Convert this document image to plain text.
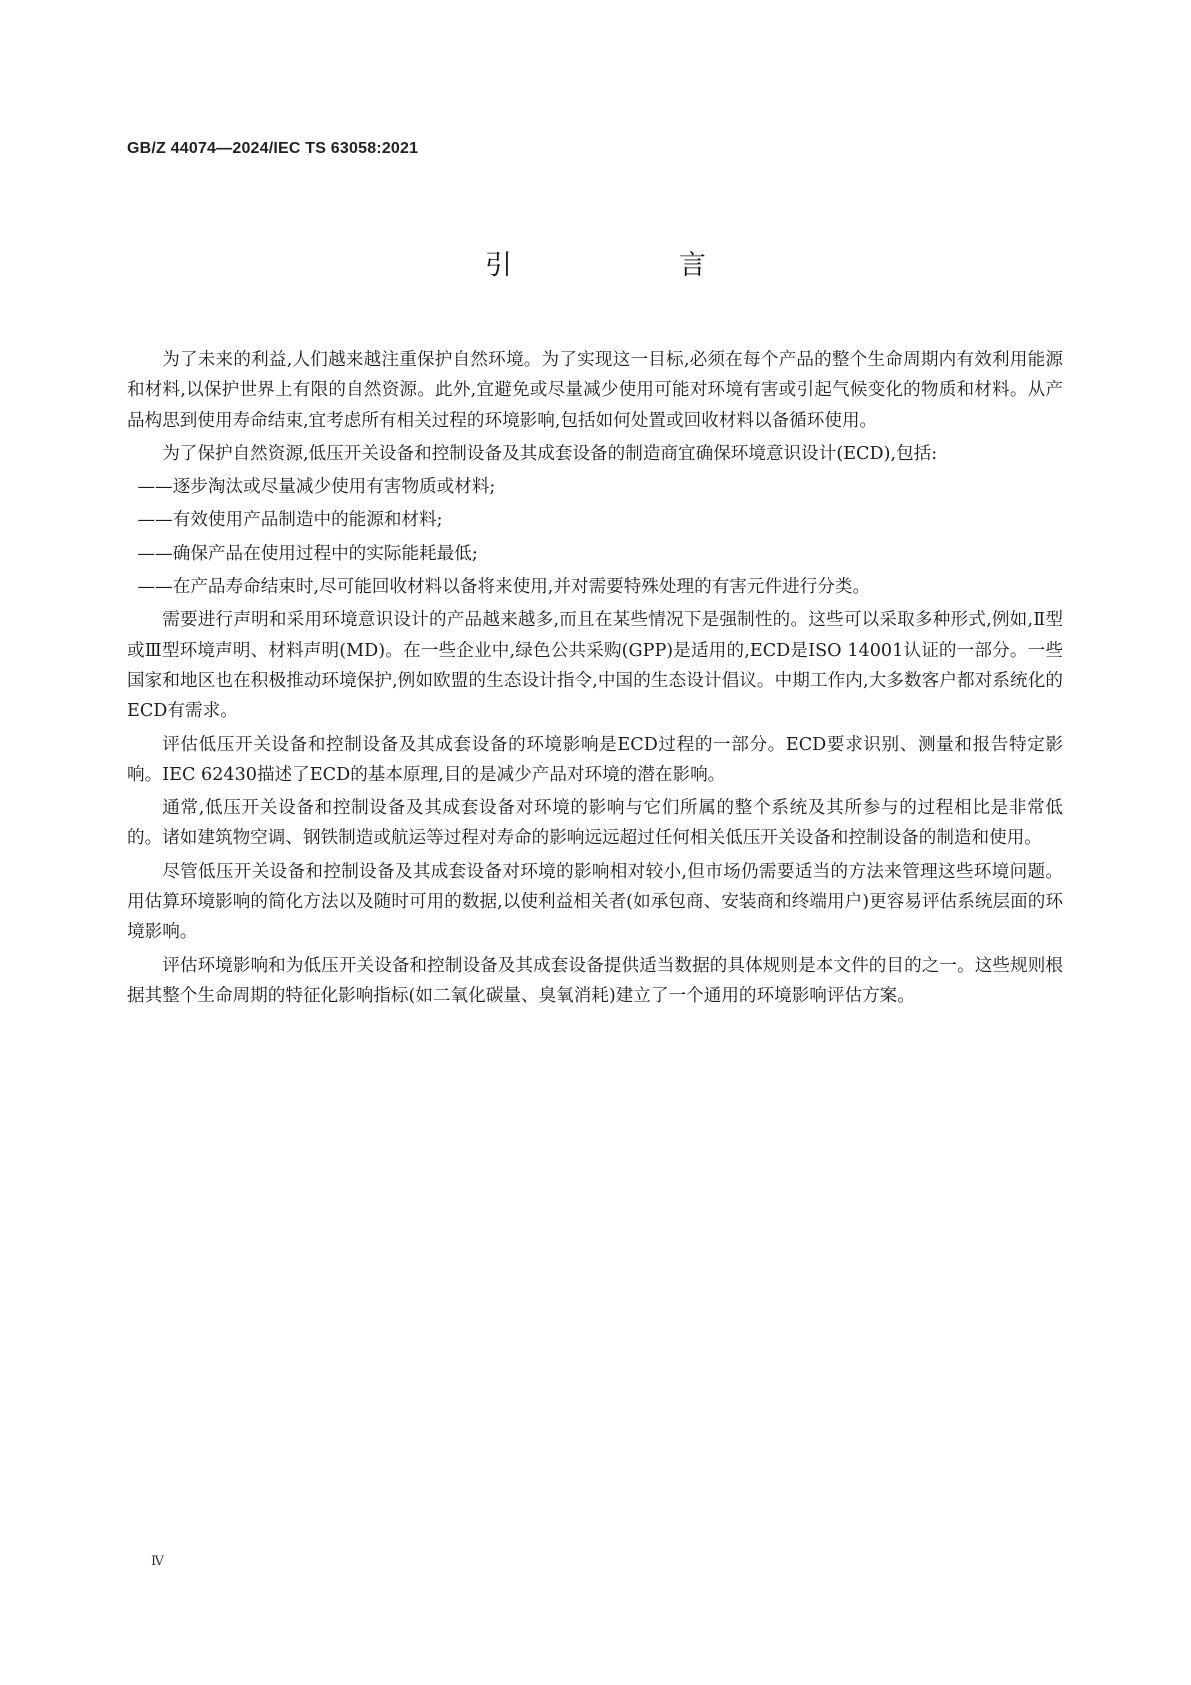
GB/Z 44074—2024/IEC TS 63058:2021
引　言

为了未来的利益,人们越来越注重保护自然环境。为了实现这一目标,必须在每个产品的整个生命周期内有效利用能源和材料,以保护世界上有限的自然资源。此外,宜避免或尽量减少使用可能对环境有害或引起气候变化的物质和材料。从产品构思到使用寿命结束,宜考虑所有相关过程的环境影响,包括如何处置或回收材料以备循环使用。

为了保护自然资源,低压开关设备和控制设备及其成套设备的制造商宜确保环境意识设计(ECD),包括:

——逐步淘汰或尽量减少使用有害物质或材料;
——有效使用产品制造中的能源和材料;
——确保产品在使用过程中的实际能耗最低;
——在产品寿命结束时,尽可能回收材料以备将来使用,并对需要特殊处理的有害元件进行分类。

需要进行声明和采用环境意识设计的产品越来越多,而且在某些情况下是强制性的。这些可以采取多种形式,例如,Ⅱ型或Ⅲ型环境声明、材料声明(MD)。在一些企业中,绿色公共采购(GPP)是适用的,ECD是ISO 14001认证的一部分。一些国家和地区也在积极推动环境保护,例如欧盟的生态设计指令,中国的生态设计倡议。中期工作内,大多数客户都对系统化的ECD有需求。

评估低压开关设备和控制设备及其成套设备的环境影响是ECD过程的一部分。ECD要求识别、测量和报告特定影响。IEC 62430描述了ECD的基本原理,目的是减少产品对环境的潜在影响。

通常,低压开关设备和控制设备及其成套设备对环境的影响与它们所属的整个系统及其所参与的过程相比是非常低的。诸如建筑物空调、钢铁制造或航运等过程对寿命的影响远远超过任何相关低压开关设备和控制设备的制造和使用。

尽管低压开关设备和控制设备及其成套设备对环境的影响相对较小,但市场仍需要适当的方法来管理这些环境问题。用估算环境影响的简化方法以及随时可用的数据,以使利益相关者(如承包商、安装商和终端用户)更容易评估系统层面的环境影响。

评估环境影响和为低压开关设备和控制设备及其成套设备提供适当数据的具体规则是本文件的目的之一。这些规则根据其整个生命周期的特征化影响指标(如二氧化碳量、臭氧消耗)建立了一个通用的环境影响评估方案。

Ⅳ
